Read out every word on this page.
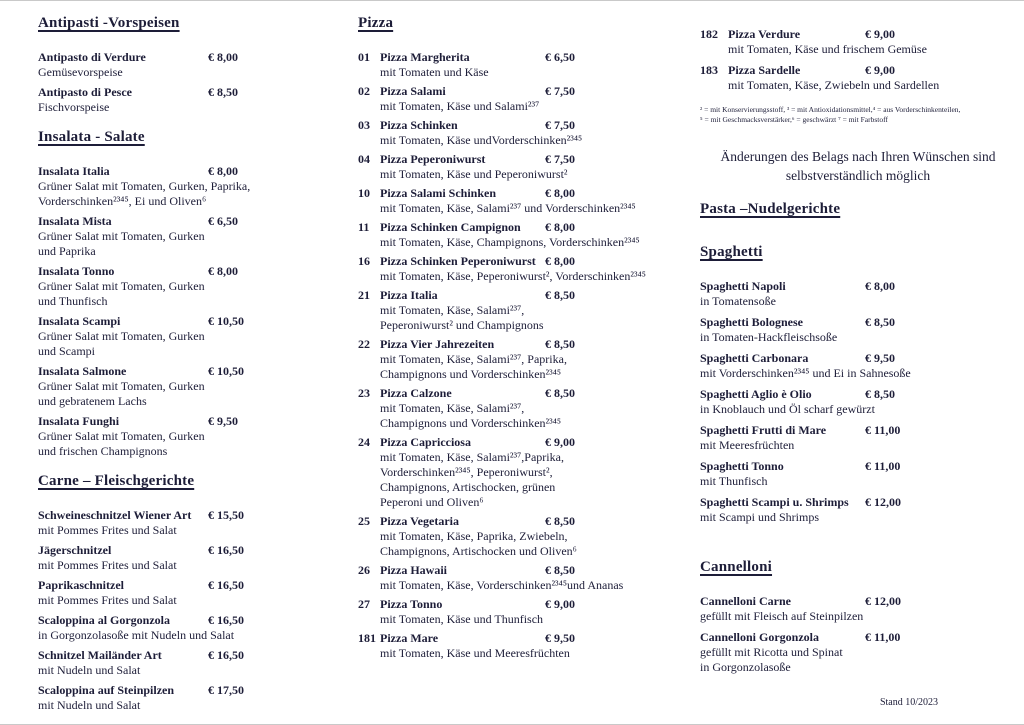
Antipasti -Vorspeisen
Antipasto di Verdure	€ 8,00
Gemüsevorspeise
Antipasto di Pesce	€ 8,50
Fischvorspeise
Insalata - Salate
Insalata Italia	€ 8,00
Grüner Salat mit Tomaten, Gurken, Paprika,
Vorderschinken²³⁴⁵, Ei und Oliven⁶
Insalata Mista	€ 6,50
Grüner Salat mit Tomaten, Gurken
und Paprika
Insalata Tonno	€ 8,00
Grüner Salat mit Tomaten, Gurken
und Thunfisch
Insalata Scampi	€ 10,50
Grüner Salat mit Tomaten, Gurken
und Scampi
Insalata Salmone	€ 10,50
Grüner Salat mit Tomaten, Gurken
und gebratenem Lachs
Insalata Funghi	€ 9,50
Grüner Salat mit Tomaten, Gurken
und frischen Champignons
Carne – Fleischgerichte
Schweineschnitzel Wiener Art € 15,50
mit Pommes Frites und Salat
Jägerschnitzel	€ 16,50
mit Pommes Frites und Salat
Paprikaschnitzel	€ 16,50
mit Pommes Frites und Salat
Scaloppina al Gorgonzola	€ 16,50
in Gorgonzolasoße mit Nudeln und Salat
Schnitzel Mailänder Art	€ 16,50
mit Nudeln und Salat
Scaloppina auf Steinpilzen	€ 17,50
mit Nudeln und Salat
Pizza
01 Pizza Margherita	€ 6,50
mit Tomaten und Käse
02 Pizza Salami	€ 7,50
mit Tomaten, Käse und Salami²³⁷
03 Pizza Schinken	€ 7,50
mit Tomaten, Käse undVorderschinken²³⁴⁵
04 Pizza Peperoniwurst	€ 7,50
mit Tomaten, Käse und Peperoniwurst²
10 Pizza Salami Schinken	€ 8,00
mit Tomaten, Käse, Salami²³⁷ und Vorderschinken²³⁴⁵
11 Pizza Schinken Campignon € 8,00
mit Tomaten, Käse, Champignons, Vorderschinken²³⁴⁵
16 Pizza Schinken Peperoniwurst € 8,00
mit Tomaten, Käse, Peperoniwurst², Vorderschinken²³⁴⁵
21 Pizza Italia	€ 8,50
mit Tomaten, Käse, Salami²³⁷,
Peperoniwurst² und Champignons
22 Pizza Vier Jahrezeiten	€ 8,50
mit Tomaten, Käse, Salami²³⁷, Paprika,
Champignons und Vorderschinken²³⁴⁵
23 Pizza Calzone	€ 8,50
mit Tomaten, Käse, Salami²³⁷,
Champignons und Vorderschinken²³⁴⁵
24 Pizza Capricciosa	€ 9,00
mit Tomaten, Käse, Salami²³⁷,Paprika,
Vorderschinken²³⁴⁵, Peperoniwurst²,
Champignons, Artischocken, grünen
Peperoni und Oliven⁶
25 Pizza Vegetaria	€ 8,50
mit Tomaten, Käse, Paprika, Zwiebeln,
Champignons, Artischocken und Oliven⁶
26 Pizza Hawaii	€ 8,50
mit Tomaten, Käse, Vorderschinken²³⁴⁵und Ananas
27 Pizza Tonno	€ 9,00
mit Tomaten, Käse und Thunfisch
181 Pizza Mare	€ 9,50
mit Tomaten, Käse und Meeresfrüchten
182 Pizza Verdure	€ 9,00
mit Tomaten, Käse und frischem Gemüse
183 Pizza Sardelle	€ 9,00
mit Tomaten, Käse, Zwiebeln und Sardellen
² = mit Konservierungsstoff, ³ = mit Antioxidationsmittel,⁴ = aus Vorderschinkenteilen,
⁵ = mit Geschmacksverstärker,⁶ = geschwärzt ⁷ = mit Farbstoff
Änderungen des Belags nach Ihren Wünschen sind
selbstverständlich möglich
Pasta –Nudelgerichte
Spaghetti
Spaghetti Napoli	€ 8,00
in Tomatensoße
Spaghetti Bolognese	€ 8,50
in Tomaten-Hackfleischsoße
Spaghetti Carbonara	€ 9,50
mit Vorderschinken²³⁴⁵ und Ei in Sahnesoße
Spaghetti Aglio è Olio	€ 8,50
in Knoblauch und Öl scharf gewürzt
Spaghetti Frutti di Mare	€ 11,00
mit Meeresfrüchten
Spaghetti Tonno	€ 11,00
mit Thunfisch
Spaghetti Scampi u. Shrimps € 12,00
mit Scampi und Shrimps
Cannelloni
Cannelloni Carne	€ 12,00
gefüllt mit Fleisch auf Steinpilzen
Cannelloni Gorgonzola	€ 11,00
gefüllt mit Ricotta und Spinat
in Gorgonzolasoße
Stand 10/2023
